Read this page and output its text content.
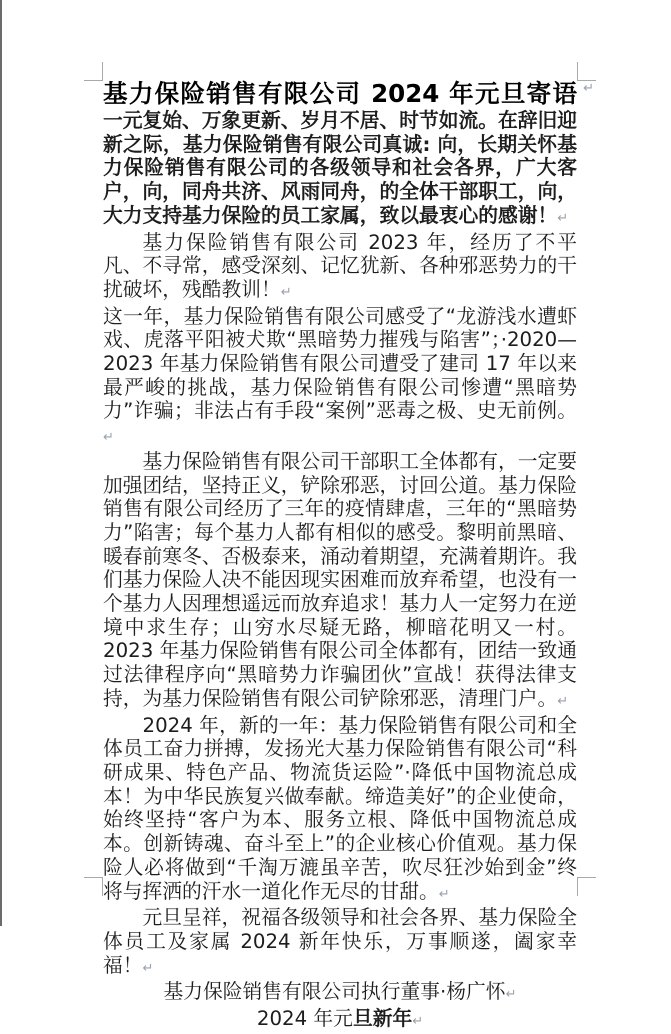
基力保险销售有限公司 2024 年元旦寄语 ↵

一元复始、万象更新、岁月不居、时节如流。在辞旧迎新之际，基力保险销售有限公司真诚: 向，长期关怀基力保险销售有限公司的各级领导和社会各界，广大客户，向，同舟共济、风雨同舟，的全体干部职工，向，大力支持基力保险的员工家属，致以最衷心的感谢！↵

基力保险销售有限公司 2023 年，经历了不平凡、不寻常，感受深刻、记忆犹新、各种邪恶势力的干扰破坏，残酷教训！↵

这一年，基力保险销售有限公司感受了“龙游浅水遭虾戏、虎落平阳被犬欺“黑暗势力摧残与陷害”；·2020—2023 年基力保险销售有限公司遭受了建司 17 年以来最严峻的挑战，基力保险销售有限公司惨遭“黑暗势力”诈骗；非法占有手段“案例”恶毒之极、史无前例。↵

基力保险销售有限公司干部职工全体都有，一定要加强团结，坚持正义，铲除邪恶，讨回公道。基力保险销售有限公司经历了三年的疫情肆虐，三年的“黑暗势力”陷害；每个基力人都有相似的感受。黎明前黑暗、暖春前寒冬、否极泰来，涌动着期望，充满着期许。我们基力保险人决不能因现实困难而放弃希望，也没有一个基力人因理想遥远而放弃追求！基力人一定努力在逆境中求生存；山穷水尽疑无路，柳暗花明又一村。2023 年基力保险销售有限公司全体都有，团结一致通过法律程序向“黑暗势力诈骗团伙”宣战！获得法律支持，为基力保险销售有限公司铲除邪恶，清理门户。↵

2024 年，新的一年：基力保险销售有限公司和全体员工奋力拼搏，发扬光大基力保险销售有限公司“科研成果、特色产品、物流货运险”·降低中国物流总成本！为中华民族复兴做奉献。缔造美好”的企业使命，始终坚持“客户为本、服务立根、降低中国物流总成本。创新铸魂、奋斗至上”的企业核心价值观。基力保险人必将做到“千淘万漉虽辛苦，吹尽狂沙始到金”终将与挥洒的汗水一道化作无尽的甘甜。↵

元旦呈祥，祝福各级领导和社会各界、基力保险全体员工及家属 2024 新年快乐，万事顺遂，阖家幸福！↵

基力保险销售有限公司执行董事·杨广怀↵

2024 年元旦新年↵
